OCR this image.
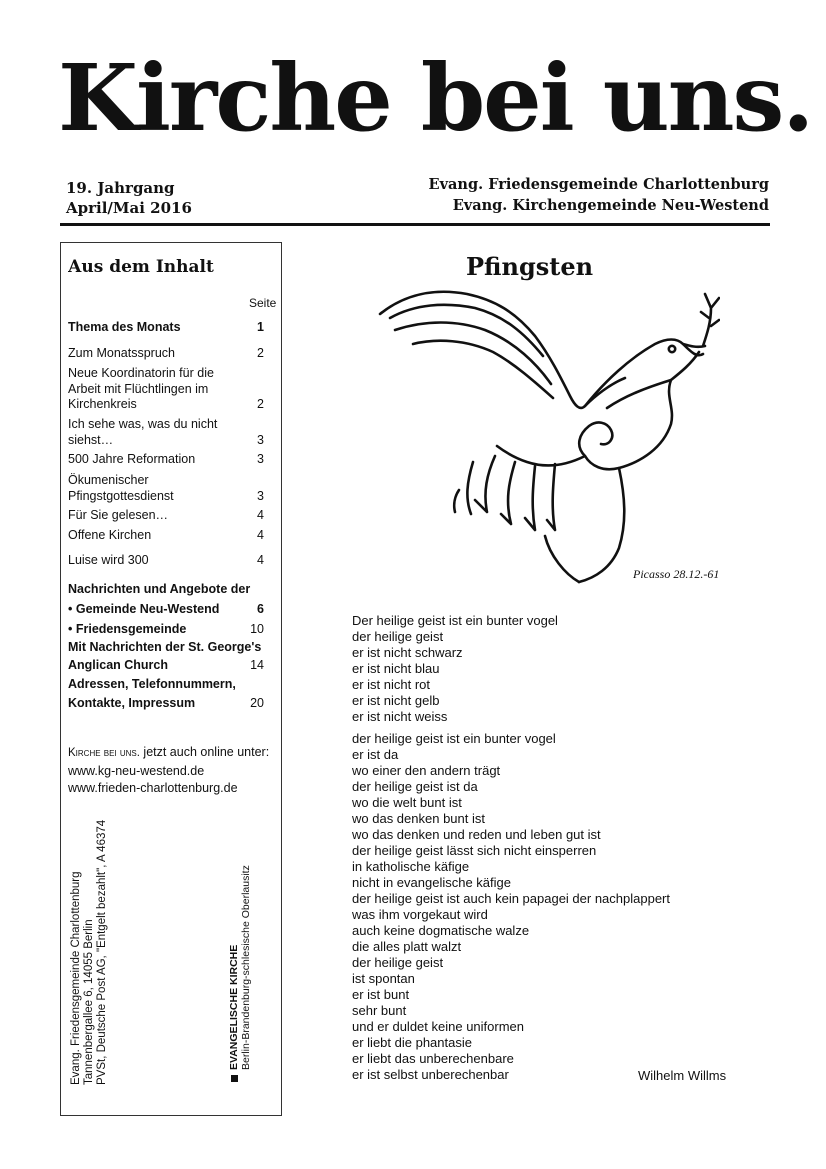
Kirche bei uns.
19. Jahrgang
April/Mai 2016
Evang. Friedensgemeinde Charlottenburg
Evang. Kirchengemeinde Neu-Westend
Aus dem Inhalt
Seite
Thema des Monats	1
Zum Monatsspruch	2
Neue Koordinatorin für die Arbeit mit Flüchtlingen im Kirchenkreis	2
Ich sehe was, was du nicht siehst…	3
500 Jahre Reformation	3
Ökumenischer Pfingstgottesdienst	3
Für Sie gelesen…	4
Offene Kirchen	4
Luise wird 300	4
Nachrichten und Angebote der
• Gemeinde Neu-Westend	6
• Friedensgemeinde	10
Mit Nachrichten der St. George's
Anglican Church	14
Adressen, Telefonnummern,
Kontakte, Impressum	20
Kirche bei uns. jetzt auch online unter:
www.kg-neu-westend.de
www.frieden-charlottenburg.de
Evang. Friedensgemeinde Charlottenburg Tannenbergallee 6, 14055 Berlin PVSt, Deutsche Post AG, "Entgelt bezahlt", A 46374	EVANGELISCHE KIRCHE Berlin-Brandenburg-schlesische Oberlausitz
Pfingsten
Picasso 28.12.-61
Der heilige geist ist ein bunter vogel
der heilige geist
er ist nicht schwarz
er ist nicht blau
er ist nicht rot
er ist nicht gelb
er ist nicht weiss
der heilige geist ist ein bunter vogel
er ist da
wo einer den andern trägt
der heilige geist ist da
wo die welt bunt ist
wo das denken bunt ist
wo das denken und reden und leben gut ist
der heilige geist lässt sich nicht einsperren
in katholische käfige
nicht in evangelische käfige
der heilige geist ist auch kein papagei der nachplappert
was ihm vorgekaut wird
auch keine dogmatische walze
die alles platt walzt
der heilige geist
ist spontan
er ist bunt
sehr bunt
und er duldet keine uniformen
er liebt die phantasie
er liebt das unberechenbare
er ist selbst unberechenbar	Wilhelm Willms
